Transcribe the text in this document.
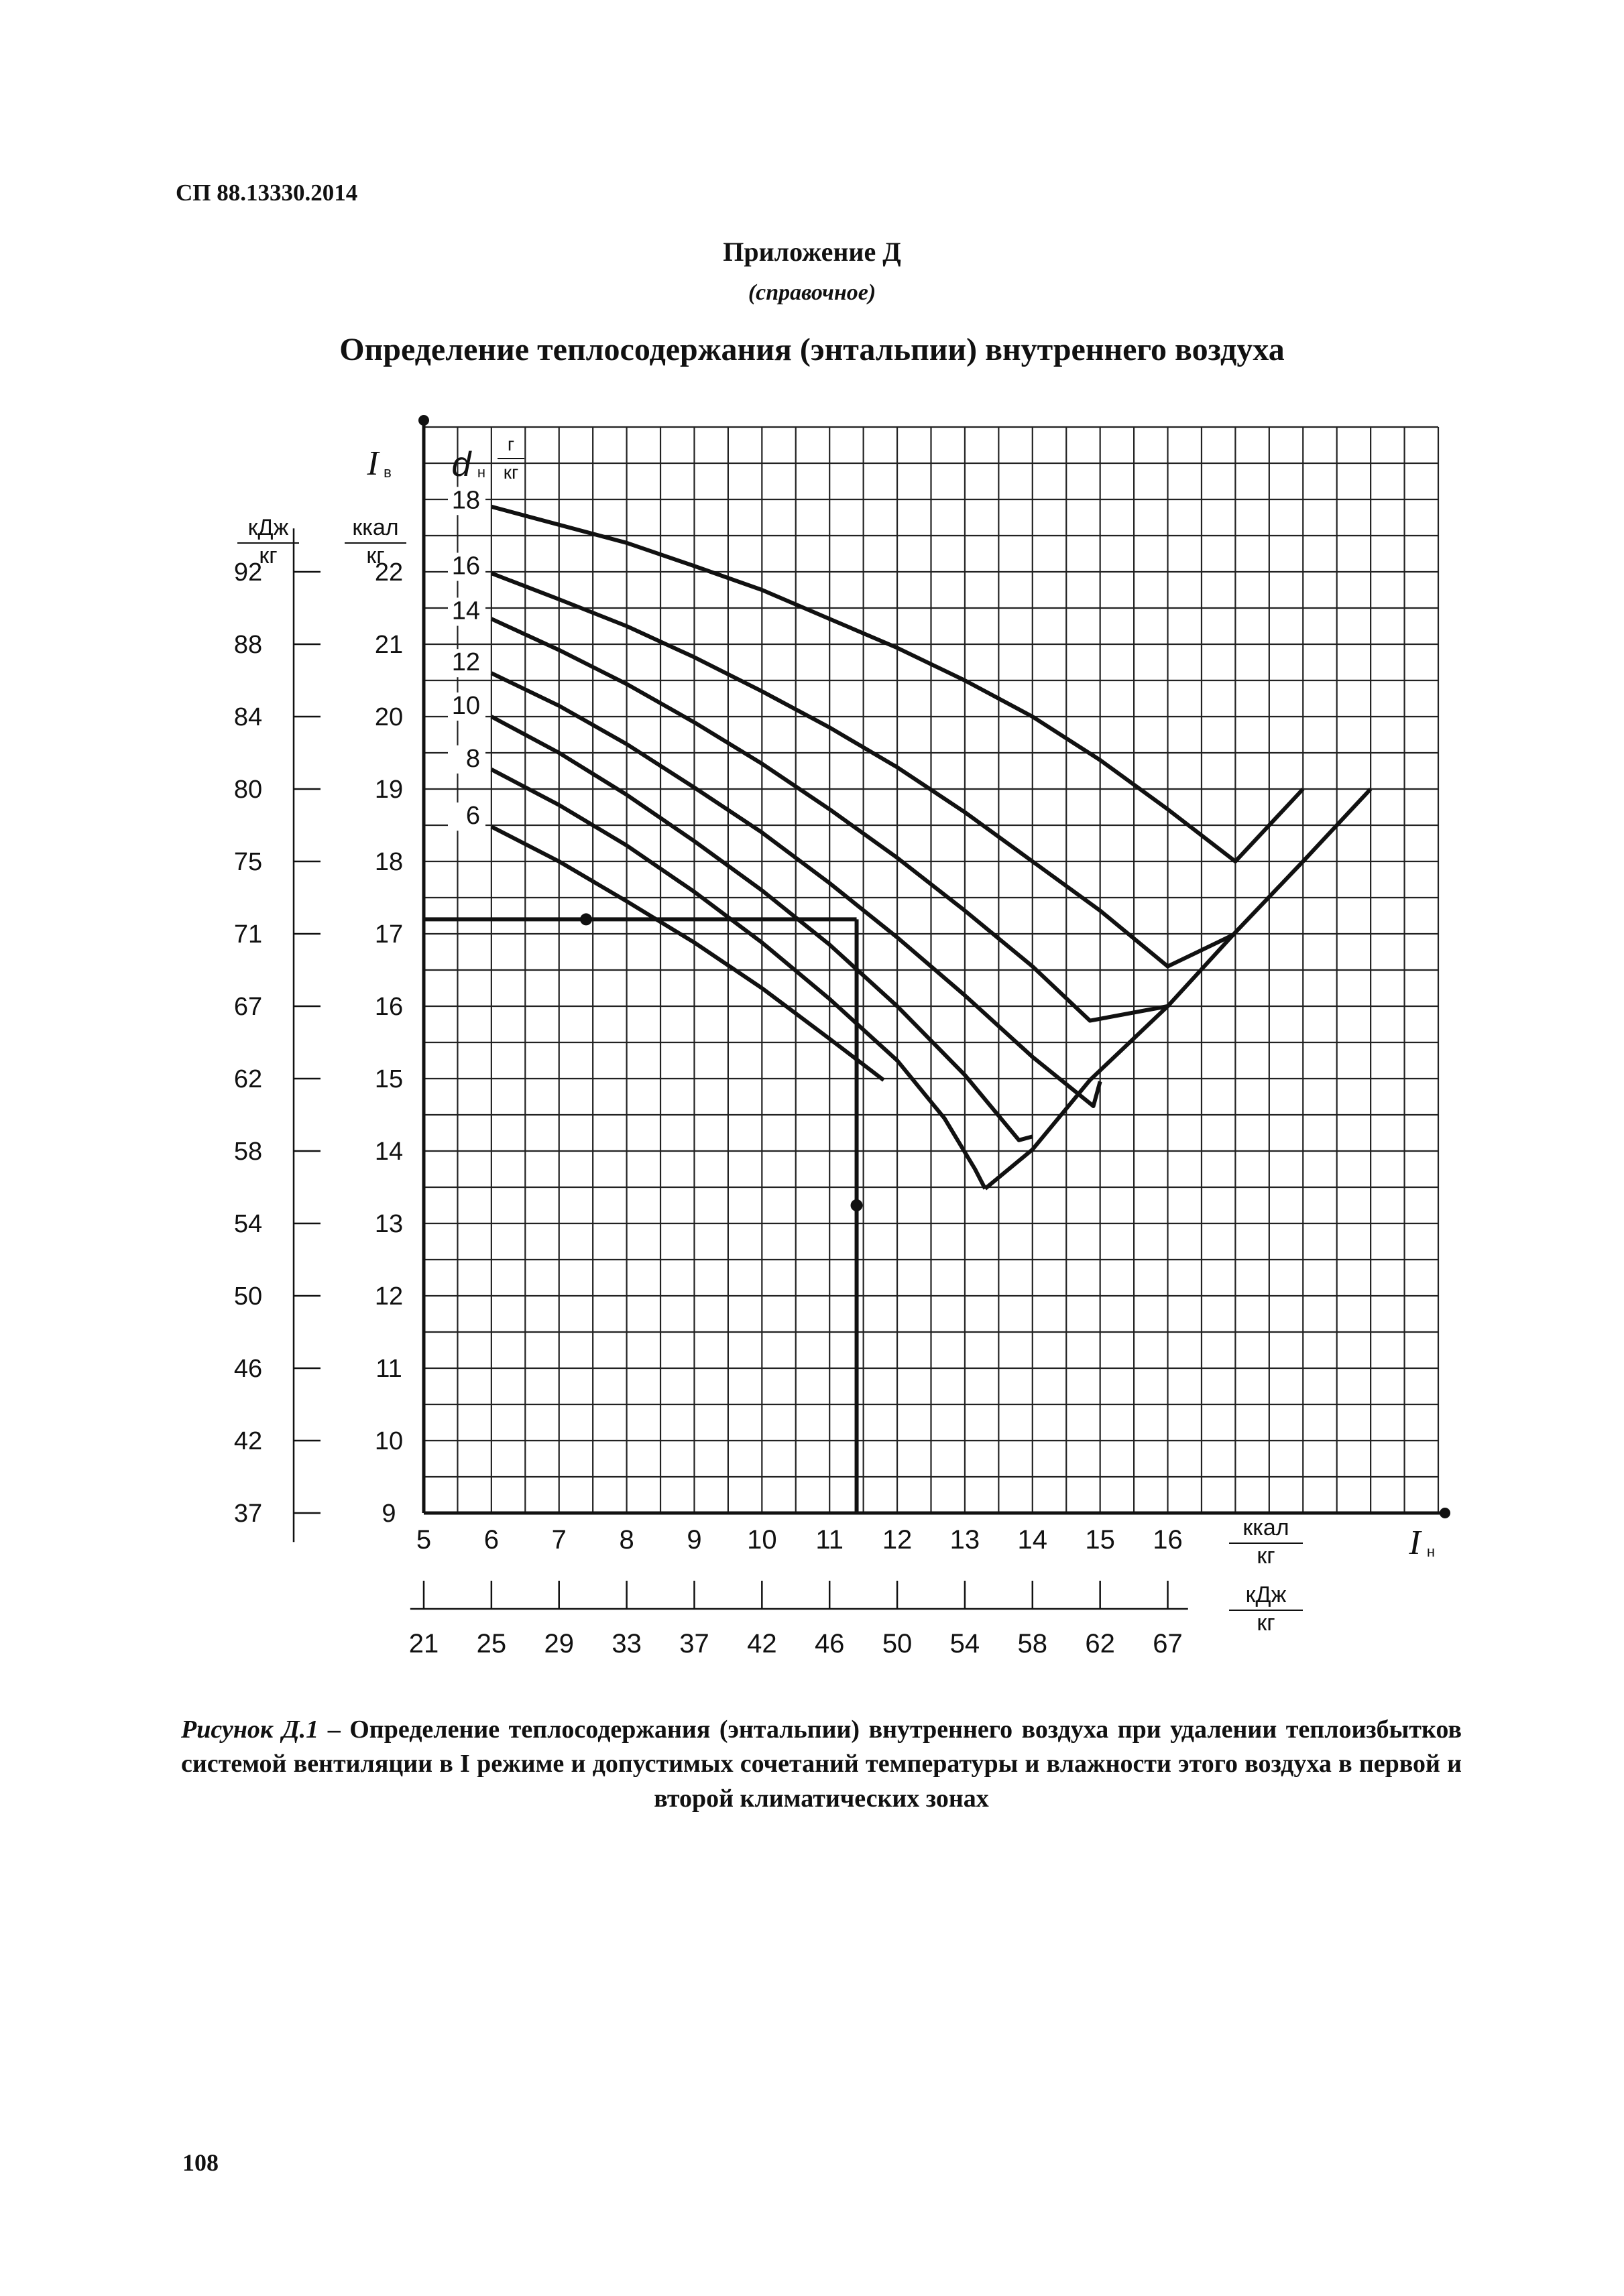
СП 88.13330.2014
Приложение Д
(справочное)
Определение теплосодержания (энтальпии) внутреннего воздуха
9
10
11
12
13
14
15
16
17
18
19
20
21
22
37
42
46
50
54
58
62
67
71
75
80
84
88
92
I в
ккал
кг
кДж
кг
d н
г
кг
18
16
14
12
10
8
6
5 6 7 8 9 10 11 12 13 14 15 16	ккал
кг	I н
21 25 29 33 37 42 46 50 54 58 62 67
кДж
кг
Рисунок Д.1 – Определение теплосодержания (энтальпии) внутреннего воздуха при удалении теплоизбытков системой вентиляции в I режиме и допустимых сочетаний температуры и влажности этого воздуха в первой и второй климатических зонах
108
